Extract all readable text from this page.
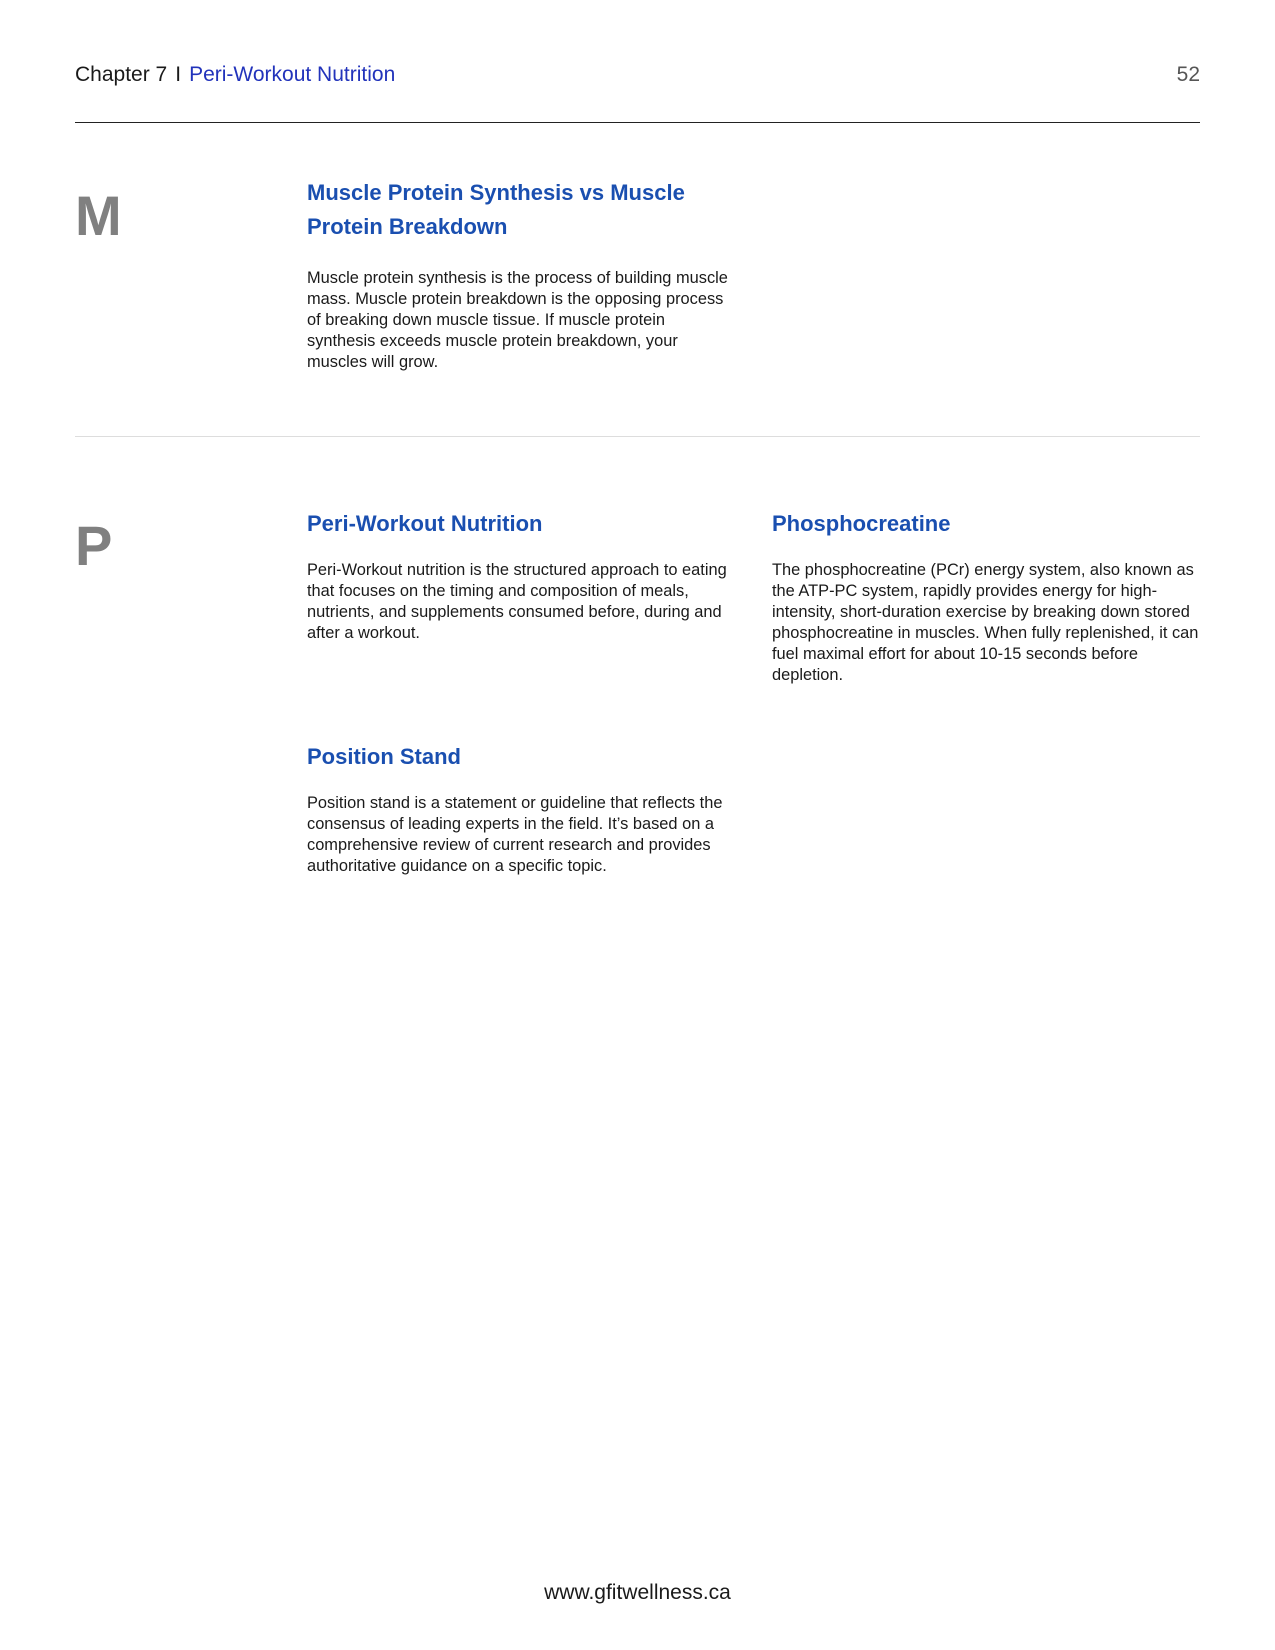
Chapter 7 I Peri-Workout Nutrition	52
M	Muscle Protein Synthesis vs Muscle Protein Breakdown

Muscle protein synthesis is the process of building muscle mass. Muscle protein breakdown is the opposing process of breaking down muscle tissue. If muscle protein synthesis exceeds muscle protein breakdown, your muscles will grow.

P	Peri-Workout Nutrition

Peri-Workout nutrition is the structured approach to eating that focuses on the timing and composition of meals, nutrients, and supplements consumed before, during and after a workout.

Phosphocreatine

The phosphocreatine (PCr) energy system, also known as the ATP-PC system, rapidly provides energy for high-intensity, short-duration exercise by breaking down stored phosphocreatine in muscles. When fully replenished, it can fuel maximal effort for about 10-15 seconds before depletion.

Position Stand

Position stand is a statement or guideline that reflects the consensus of leading experts in the field. It’s based on a comprehensive review of current research and provides authoritative guidance on a specific topic.

www.gfitwellness.ca
